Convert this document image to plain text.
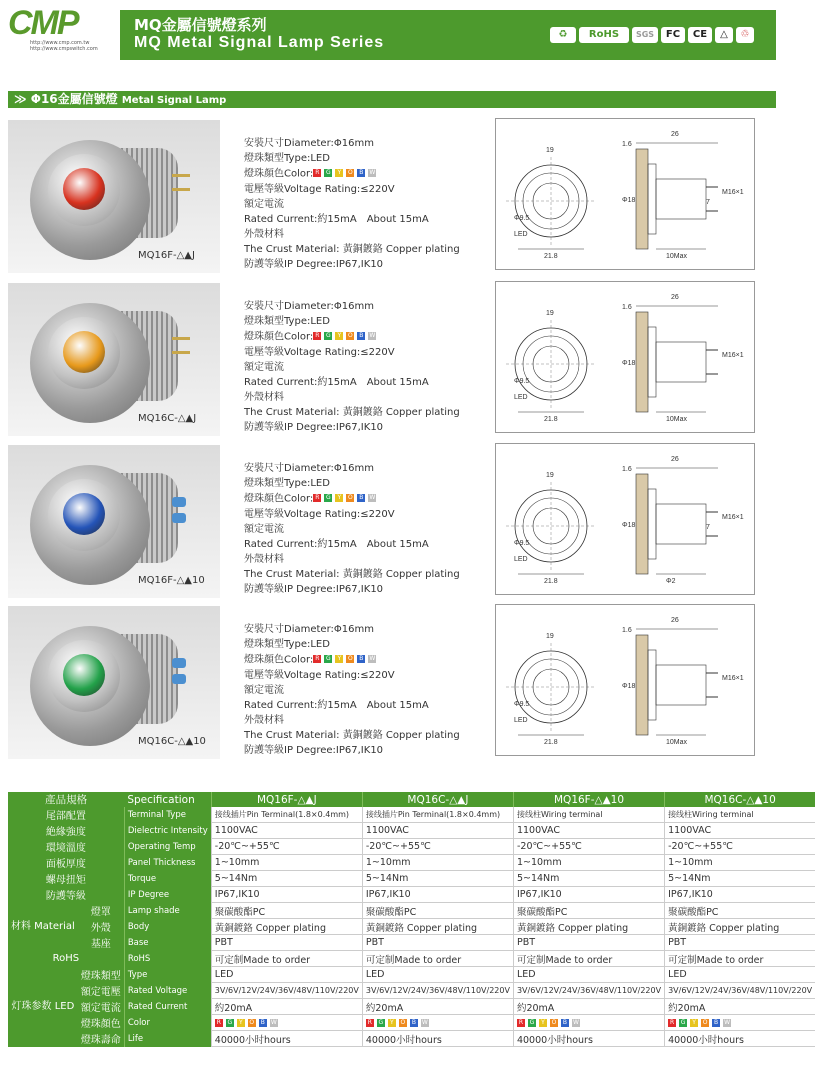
CMP
http://www.cmp.com.tw
http://www.cmpswitch.com
MQ金屬信號燈系列
MQ Metal Signal Lamp Series	♻	RoHS	SGS	FC	CE	△	♲
≫ Φ16金屬信號燈 Metal Signal Lamp
MQ16F-△▲J
安裝尺寸Diameter:Φ16mm
燈珠類型Type:LED
燈珠顏色Color: R G Y O B W
電壓等級Voltage Rating:≤220V
額定電流
Rated Current:約15mA　About 15mA
外殼材料
The Crust Material: 黃銅鍍鉻 Copper plating
防護等級IP Degree:IP67,IK10
26
1.6
19
Φ18
M16×1
7
Φ9.5
LED
21.8	10Max
MQ16C-△▲J
安裝尺寸Diameter:Φ16mm
燈珠類型Type:LED
燈珠顏色Color: R G Y O B W
電壓等級Voltage Rating:≤220V
額定電流
Rated Current:約15mA　About 15mA
外殼材料
The Crust Material: 黃銅鍍鉻 Copper plating
防護等級IP Degree:IP67,IK10
26
1.6
19
Φ18
M16×1
Φ9.5
LED
21.8	10Max
MQ16F-△▲10
安裝尺寸Diameter:Φ16mm
燈珠類型Type:LED
燈珠顏色Color: R G Y O B W
電壓等級Voltage Rating:≤220V
額定電流
Rated Current:約15mA　About 15mA
外殼材料
The Crust Material: 黃銅鍍鉻 Copper plating
防護等級IP Degree:IP67,IK10
26
1.6
19
Φ18
M16×1
7
Φ9.5
LED
21.8	Φ2
MQ16C-△▲10
安裝尺寸Diameter:Φ16mm
燈珠類型Type:LED
燈珠顏色Color: R G Y O B W
電壓等級Voltage Rating:≤220V
額定電流
Rated Current:約15mA　About 15mA
外殼材料
The Crust Material: 黃銅鍍鉻 Copper plating
防護等級IP Degree:IP67,IK10
26
1.6
19
Φ18
M16×1
Φ9.5
LED
21.8	10Max
產品規格		Specification	MQ16F-△▲J	MQ16C-△▲J	MQ16F-△▲10	MQ16C-△▲10
尾部配置		Terminal Type	接线插片Pin Terminal(1.8×0.4mm)	接线插片Pin Terminal(1.8×0.4mm)	接线柱Wiring terminal	接线柱Wiring terminal
絶緣強度		Dielectric Intensity	1100VAC	1100VAC	1100VAC	1100VAC
環境溫度		Operating Temp	-20℃~+55℃	-20℃~+55℃	-20℃~+55℃	-20℃~+55℃
面板厚度		Panel Thickness	1~10mm	1~10mm	1~10mm	1~10mm
螺母扭矩		Torque	5~14Nm	5~14Nm	5~14Nm	5~14Nm
防護等級		IP Degree	IP67,IK10	IP67,IK10	IP67,IK10	IP67,IK10
材料 Material	燈罩	Lamp shade	聚碳酸酯PC	聚碳酸酯PC	聚碳酸酯PC	聚碳酸酯PC
	外殼	Body	黃銅鍍鉻 Copper plating	黃銅鍍鉻 Copper plating	黃銅鍍鉻 Copper plating	黃銅鍍鉻 Copper plating
	基座	Base	PBT	PBT	PBT	PBT
RoHS		RoHS	可定制Made to order	可定制Made to order	可定制Made to order	可定制Made to order
灯珠参数 LED	燈珠類型	Type	LED	LED	LED	LED
	額定電壓	Rated Voltage	3V/6V/12V/24V/36V/48V/110V/220V	3V/6V/12V/24V/36V/48V/110V/220V	3V/6V/12V/24V/36V/48V/110V/220V	3V/6V/12V/24V/36V/48V/110V/220V
	額定電流	Rated Current	約20mA	約20mA	約20mA	約20mA
	燈珠顏色	Color	R G Y O B W	R G Y O B W	R G Y O B W	R G Y O B W
	燈珠壽命	Life	40000小时hours	40000小时hours	40000小时hours	40000小时hours
